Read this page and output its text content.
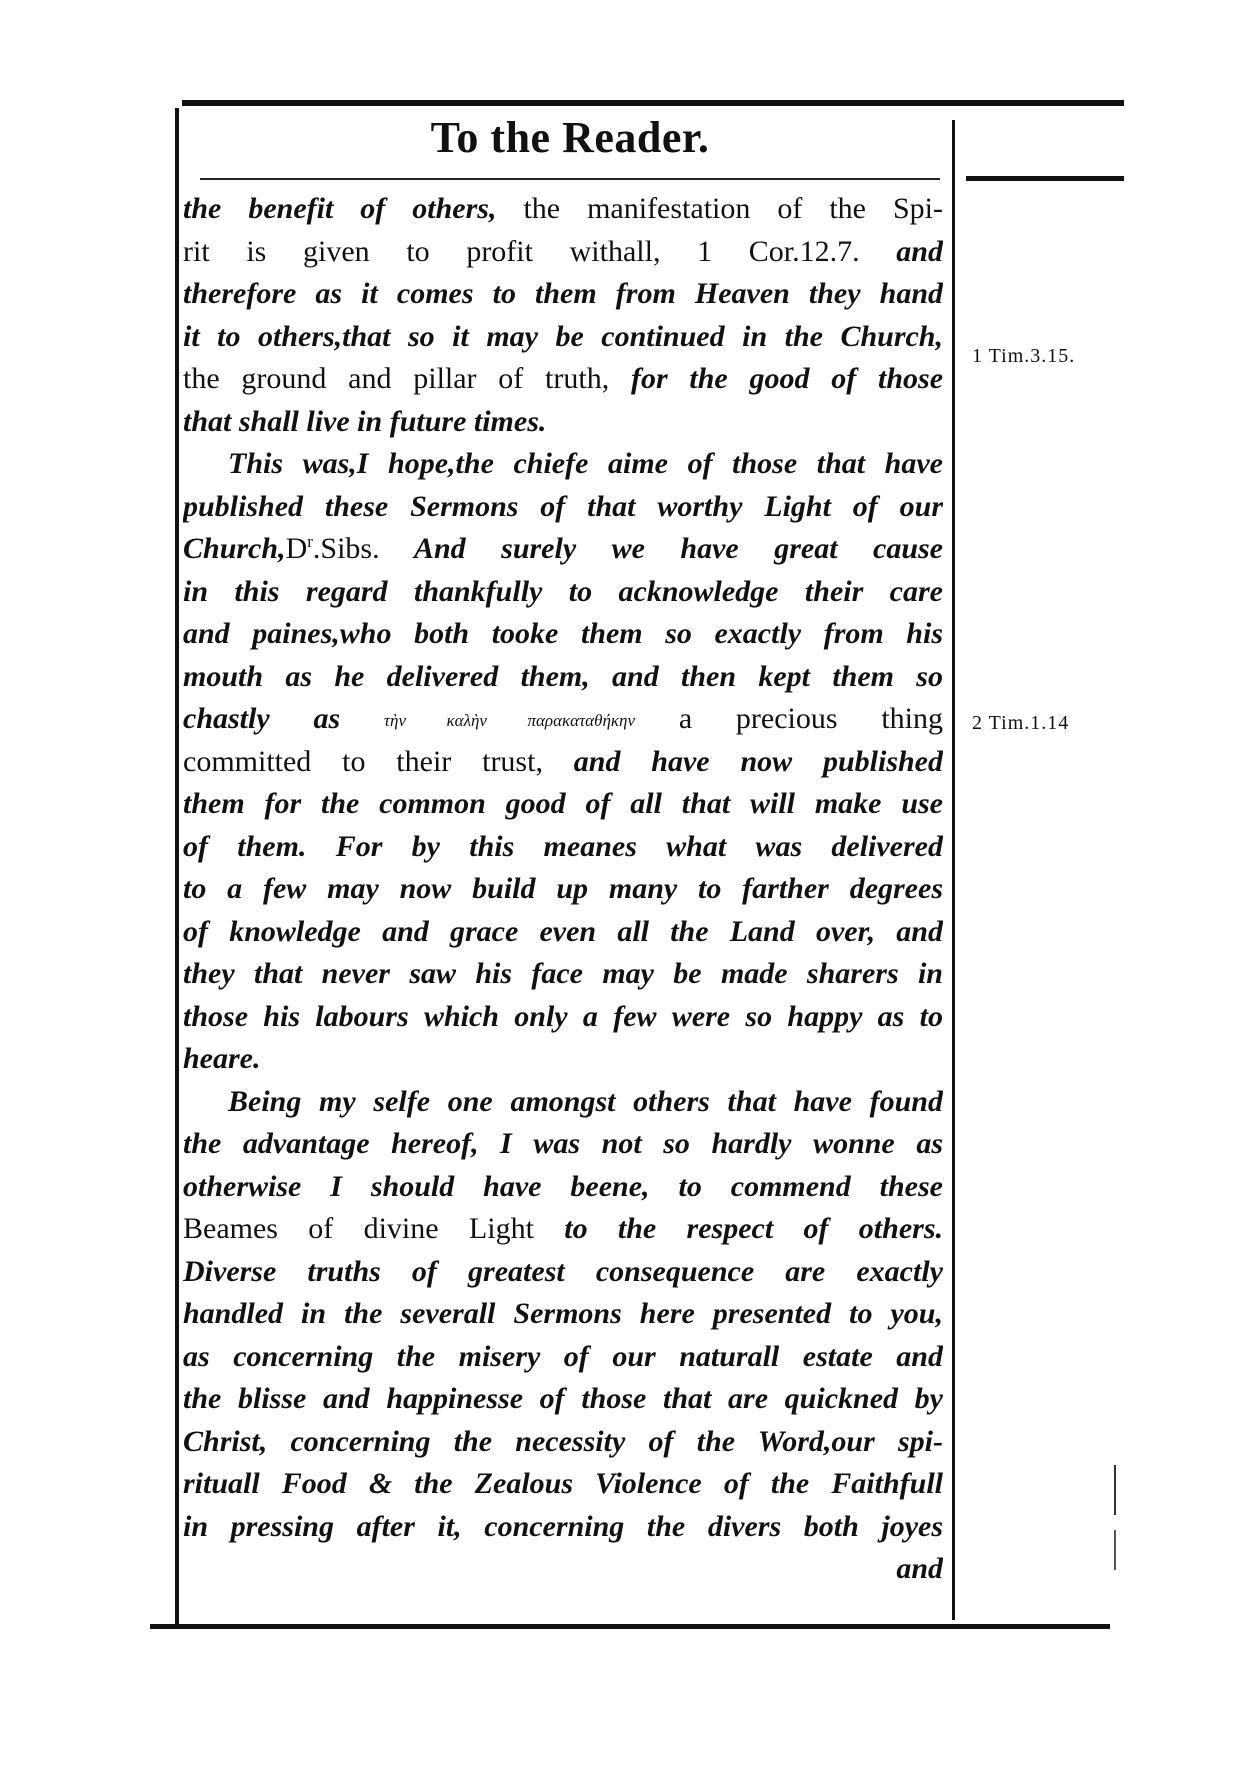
To the Reader.
1 Tim.3.15.
2 Tim.1.14
the benefit of others, the manifestation of the Spi-
rit is given to profit withall, 1 Cor.12.7. and
therefore as it comes to them from Heaven they hand
it to others,that so it may be continued in the Church,
the ground and pillar of truth, for the good of those
that shall live in future times.
This was,I hope,the chiefe aime of those that have
published these Sermons of that worthy Light of our
$Church,D^r.Sibs$. And surely we have great cause
in this regard thankfully to acknowledge their care
and paines,who both tooke them so exactly from his
mouth as he delivered them, and then kept them so
chastly as	τὴν καλὴν παρακαταθήκην a precious thing
committed to their trust, and have now published
them for the common good of all that will make use
of them. For by this meanes what was delivered
to a few may now build up many to farther degrees
of knowledge and grace even all the Land over, and
they that never saw his face may be made sharers in
those his labours which only a few were so happy as to
heare.
Being my selfe one amongst others that have found
the advantage hereof, I was not so hardly wonne as
otherwise I should have beene, to commend these
Beames of divine Light to the respect of others.
Diverse truths of greatest consequence are exactly
handled in the severall Sermons here presented to you,
as concerning the misery of our naturall estate and
the blisse and happinesse of those that are quickned by
Christ, concerning the necessity of the Word,our spi-
rituall Food & the Zealous Violence of the Faithfull
in pressing after it, concerning the divers both joyes
and
